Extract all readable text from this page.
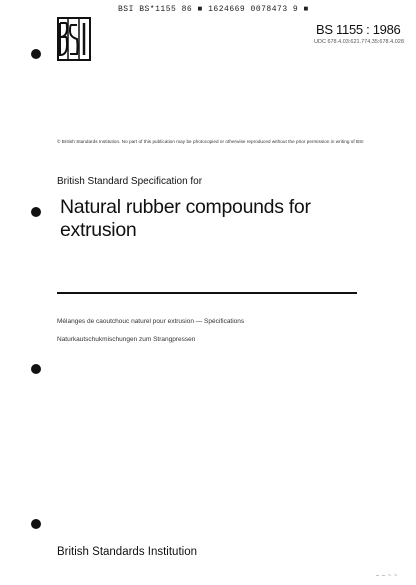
BSI BS*1155 86 ■ 1624669 0078473 9 ■
BS 1155 : 1986
UDC 678.4.03:621.774.35:678.4.028
© British Standards Institution. No part of this publication may be photocopied or otherwise reproduced without the prior permission in writing of BSI
British Standard Specification for
Natural rubber compounds for extrusion
Mélanges de caoutchouc naturel pour extrusion — Spécifications
Naturkautschukmischungen zum Strangpressen
British Standards Institution
— — ~ ~
